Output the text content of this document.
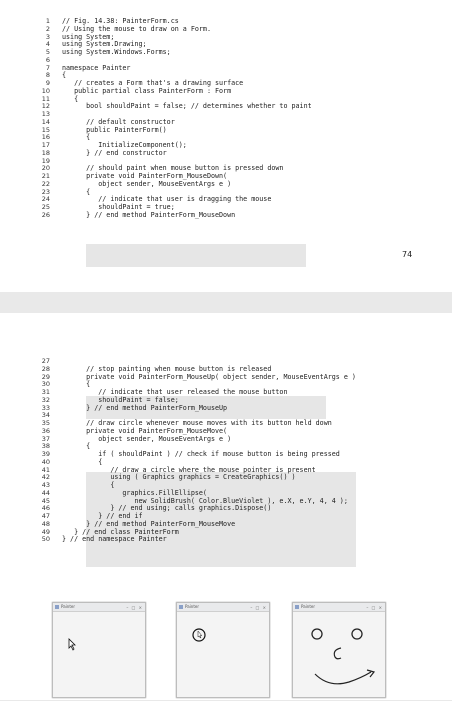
1 // Fig. 14.38: PainterForm.cs
2 // Using the mouse to draw on a Form.
3 using System;
4 using System.Drawing;
5 using System.Windows.Forms;
6
7 namespace Painter
8 {
9 // creates a Form that's a drawing surface
10 public partial class PainterForm : Form
11 {
12 bool shouldPaint = false; // determines whether to paint
13
14 // default constructor
15 public PainterForm()
16 {
17 InitializeComponent();
18 } // end constructor
19
20 // should paint when mouse button is pressed down
21 private void PainterForm_MouseDown(
22 object sender, MouseEventArgs e )
23 {
24 // indicate that user is dragging the mouse
25 shouldPaint = true;
26 } // end method PainterForm_MouseDown
74
27
28 // stop painting when mouse button is released
29 private void PainterForm_MouseUp( object sender, MouseEventArgs e )
30 {
31 // indicate that user released the mouse button
32 shouldPaint = false;
33 } // end method PainterForm_MouseUp
34
35 // draw circle whenever mouse moves with its button held down
36 private void PainterForm_MouseMove(
37 object sender, MouseEventArgs e )
38 {
39 if ( shouldPaint ) // check if mouse button is being pressed
40 {
41 // draw a circle where the mouse pointer is present
42 using ( Graphics graphics = CreateGraphics() )
43 {
44 graphics.FillEllipse(
45 new SolidBrush( Color.BlueViolet ), e.X, e.Y, 4, 4 );
46 } // end using; calls graphics.Dispose()
47 } // end if
48 } // end method PainterForm_MouseMove
49 } // end class PainterForm
50 } // end namespace Painter
Painter	– □ ×	Painter	– □ ×	Painter	– □ ×
